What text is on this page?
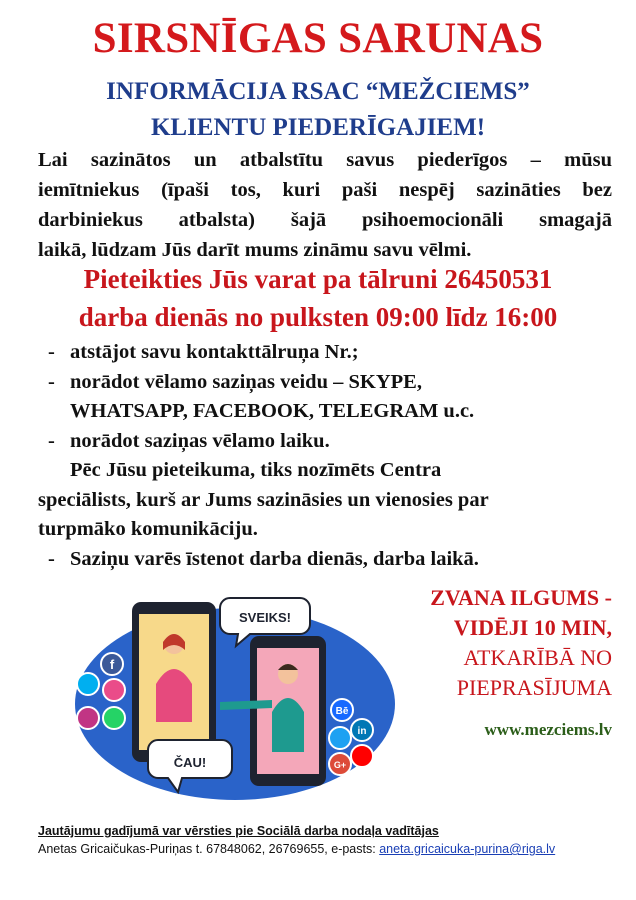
SIRSNĪGAS SARUNAS
INFORMĀCIJA RSAC “MEŽCIEMS”
KLIENTU PIEDERĪGAJIEM!
Lai sazinātos un atbalstītu savus piederīgos – mūsu
iemītniekus (īpaši tos, kuri paši nespēj sazināties bez
darbiniekus atbalsta) šajā psihoemocionāli smagajā
laikā, lūdzam Jūs darīt mums zināmu savu vēlmi.
Pieteikties Jūs varat pa tālruni 26450531
darba dienās no pulksten 09:00 līdz 16:00
- atstājot savu kontakttālruņa Nr.;
- norādot vēlamo saziņas veidu – SKYPE,
WHATSAPP, FACEBOOK, TELEGRAM u.c.
- norādot saziņas vēlamo laiku.
Pēc Jūsu pieteikuma, tiks nozīmēts Centra
speciālists, kurš ar Jums sazināsies un vienosies par
turpmāko komunikāciju.
- Saziņu varēs īstenot darba dienās, darba laikā.
SVEIKS!
ČAU!
f
Bē
in
G+
ZVANA ILGUMS -
VIDĒJI 10 MIN,
ATKARĪBĀ NO
PIEPRASĪJUMA
www.mezciems.lv
Jautājumu gadījumā var vērsties pie Sociālā darba nodaļa vadītājas
Anetas Gricaičukas-Puriņas t. 67848062, 26769655, e-pasts: aneta.gricaicuka-purina@riga.lv
